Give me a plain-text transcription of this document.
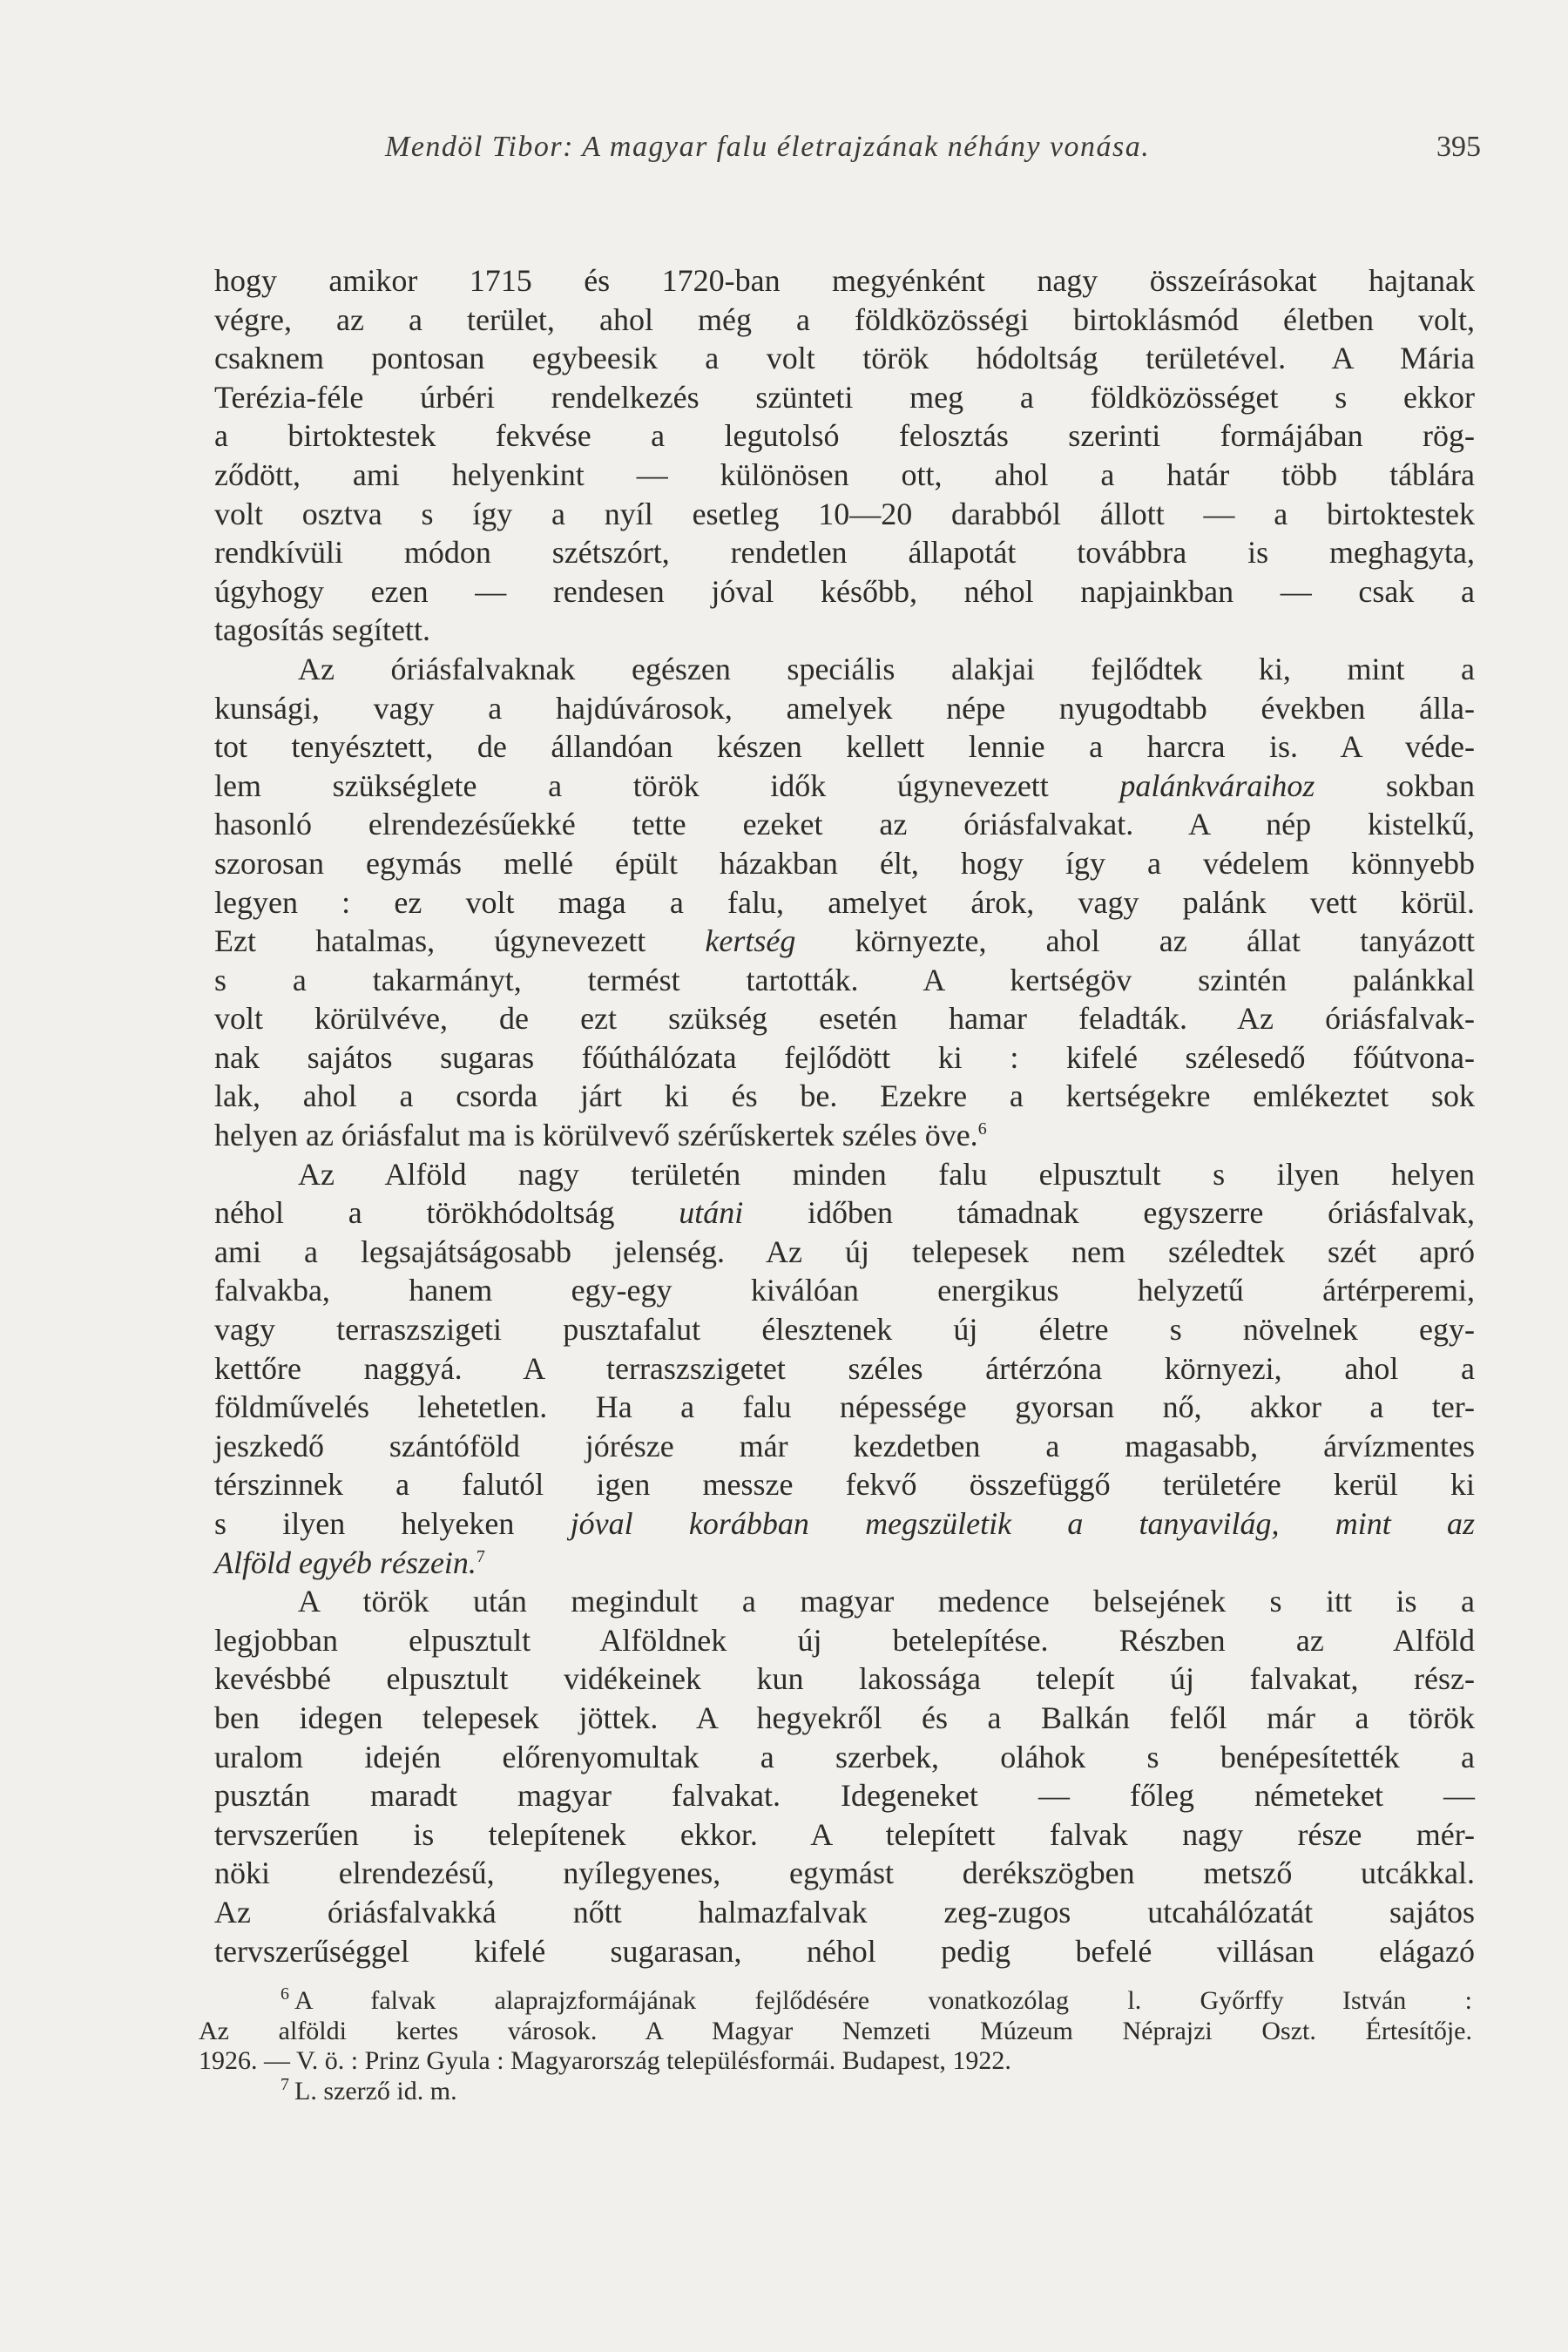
Mendöl Tibor: A magyar falu életrajzának néhány vonása.	395
hogy amikor 1715 és 1720-ban megyénként nagy összeírásokat hajtanak
végre, az a terület, ahol még a földközösségi birtoklásmód életben volt,
csaknem pontosan egybeesik a volt török hódoltság területével. A Mária
Terézia-féle úrbéri rendelkezés szünteti meg a földközösséget s ekkor
a birtoktestek fekvése a legutolsó felosztás szerinti formájában rög-
ződött, ami helyenkint — különösen ott, ahol a határ több táblára
volt osztva s így a nyíl esetleg 10—20 darabból állott — a birtoktestek
rendkívüli módon szétszórt, rendetlen állapotát továbbra is meghagyta,
úgyhogy ezen — rendesen jóval később, néhol napjainkban — csak a
tagosítás segített.
Az óriásfalvaknak egészen speciális alakjai fejlődtek ki, mint a
kunsági, vagy a hajdúvárosok, amelyek népe nyugodtabb években álla-
tot tenyésztett, de állandóan készen kellett lennie a harcra is. A véde-
lem szükséglete a török idők úgynevezett palánkváraihoz sokban
hasonló elrendezésűekké tette ezeket az óriásfalvakat. A nép kistelkű,
szorosan egymás mellé épült házakban élt, hogy így a védelem könnyebb
legyen : ez volt maga a falu, amelyet árok, vagy palánk vett körül.
Ezt hatalmas, úgynevezett kertség környezte, ahol az állat tanyázott
s a takarmányt, termést tartották. A kertségöv szintén palánkkal
volt körülvéve, de ezt szükség esetén hamar feladták. Az óriásfalvak-
nak sajátos sugaras főúthálózata fejlődött ki : kifelé szélesedő főútvona-
lak, ahol a csorda járt ki és be. Ezekre a kertségekre emlékeztet sok
helyen az óriásfalut ma is körülvevő szérűskertek széles öve.$^6$
Az Alföld nagy területén minden falu elpusztult s ilyen helyen
néhol a törökhódoltság utáni időben támadnak egyszerre óriásfalvak,
ami a legsajátságosabb jelenség. Az új telepesek nem széledtek szét apró
falvakba, hanem egy-egy kiválóan energikus helyzetű ártérperemi,
vagy terraszszigeti pusztafalut élesztenek új életre s növelnek egy-
kettőre naggyá. A terraszszigetet széles ártérzóna környezi, ahol a
földművelés lehetetlen. Ha a falu népessége gyorsan nő, akkor a ter-
jeszkedő szántóföld jórésze már kezdetben a magasabb, árvízmentes
térszinnek a falutól igen messze fekvő összefüggő területére kerül ki
s ilyen helyeken jóval korábban megszületik a tanyavilág, mint az
Alföld egyéb részein.$^7$
A török után megindult a magyar medence belsejének s itt is a
legjobban elpusztult Alföldnek új betelepítése. Részben az Alföld
kevésbbé elpusztult vidékeinek kun lakossága telepít új falvakat, rész-
ben idegen telepesek jöttek. A hegyekről és a Balkán felől már a török
uralom idején előrenyomultak a szerbek, oláhok s benépesítették a
pusztán maradt magyar falvakat. Idegeneket — főleg németeket —
tervszerűen is telepítenek ekkor. A telepített falvak nagy része mér-
nöki elrendezésű, nyílegyenes, egymást derékszögben metsző utcákkal.
Az óriásfalvakká nőtt halmazfalvak zeg-zugos utcahálózatát sajátos
tervszerűséggel kifelé sugarasan, néhol pedig befelé villásan elágazó
$^6$ A falvak alaprajzformájának fejlődésére vonatkozólag l. Győrffy István :
Az alföldi kertes városok. A Magyar Nemzeti Múzeum Néprajzi Oszt. Értesítője.
1926. — V. ö. : Prinz Gyula : Magyarország településformái. Budapest, 1922.
$^7$ L. szerző id. m.
